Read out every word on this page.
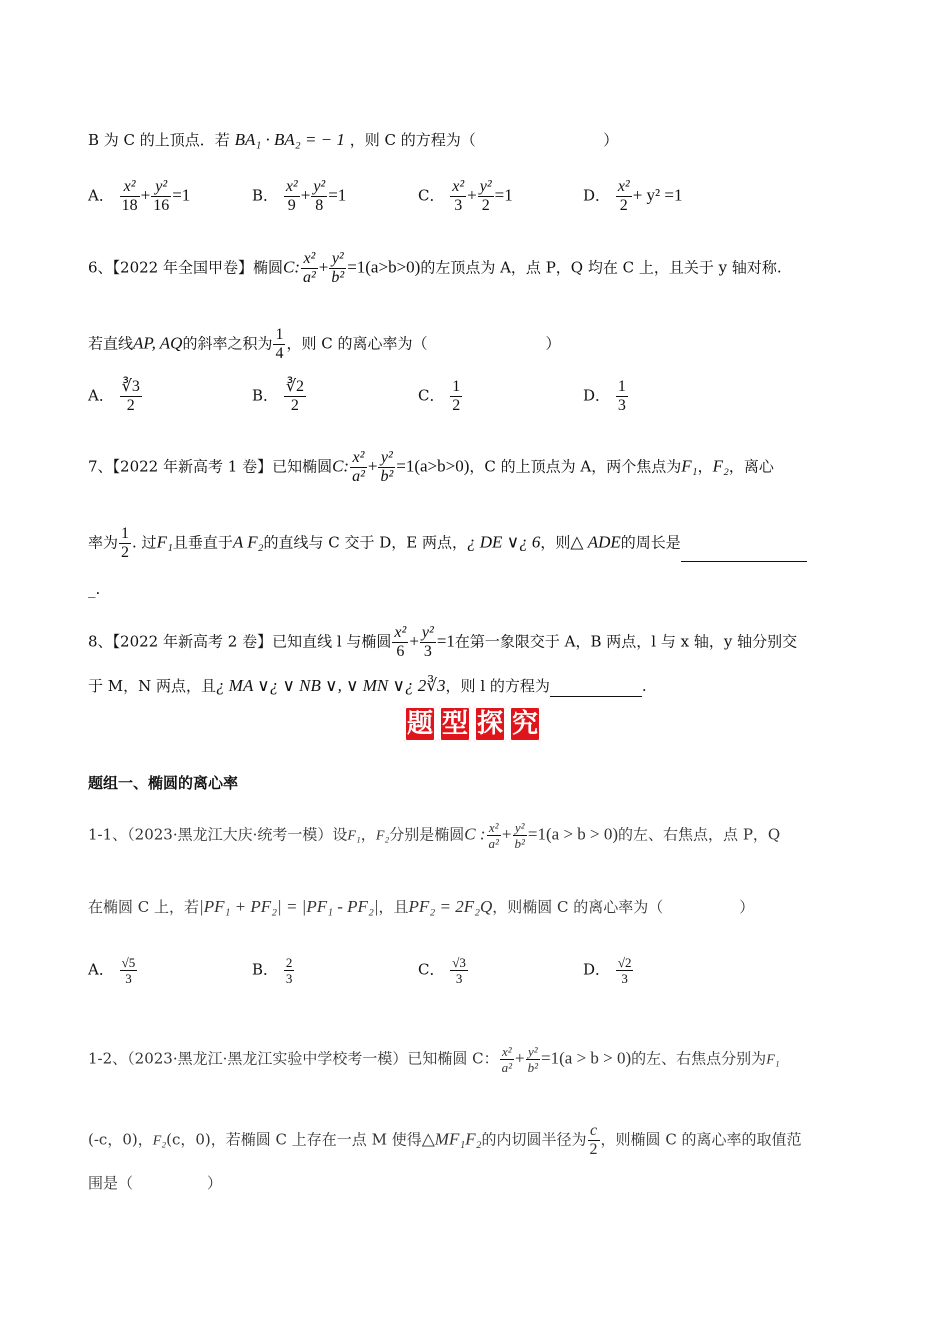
B 为 C 的上顶点．若 BA₁ · BA₂ = − 1 ，则 C 的方程为（	）
A． $\frac{\text{x²}}{18} + \frac{\text{y²}}{16} =1$	B． $\frac{\text{x²}}{9} + \frac{\text{y²}}{8} =1$	C． $\frac{\text{x²}}{3} + \frac{\text{y²}}{2} =1$	D． $\frac{\text{x²}}{2} + y^2 =1$
6、【2022 年全国甲卷】椭圆C: $\frac{\text{x²}}{\text{a²}} + \frac{\text{y²}}{\text{b²}} =1(a>b>0)$的左顶点为 A，点 P，Q 均在 C 上，且关于 y 轴对称.
若直线AP, AQ的斜率之积为 $\frac{1}{4}$ ，则 C 的离心率为（	）
A． $\frac{∛3}{2}$	B． $\frac{∛2}{2}$	C． $\frac{1}{2}$	D． $\frac{1}{3}$
7、【2022 年新高考 1 卷】已知椭圆C: $\frac{\text{x²}}{\text{a²}} + \frac{\text{y²}}{\text{b²}} =1(a>b>0)$，C 的上顶点为 A，两个焦点为F₁，F₂，离心
率为 $\frac{1}{2}$ . 过F₁且垂直于A F₂的直线与 C 交于 D，E 两点，¿ DE ∨¿ 6，则△ ADE的周长是
_.
8、【2022 年新高考 2 卷】已知直线 l 与椭圆 $\frac{\text{x²}}{6} + \frac{\text{y²}}{3} =1$在第一象限交于 A，B 两点，l 与 x 轴，y 轴分别交
于 M，N 两点，且¿ MA ∨¿ ∨ NB ∨, ∨ MN ∨¿ 2∛3，则 l 的方程为	.
题 型 探 究
题组一、椭圆的离心率
1-1、（2023·黑龙江大庆·统考一模）设F₁，F₂分别是椭圆C : $\frac{\text{x²}}{\text{a²}} + \frac{\text{y²}}{\text{b²}} =1(a > b > 0)$的左、右焦点，点 P，Q
在椭圆 C 上，若|PF₁ + PF₂| = |PF₁ - PF₂|，且PF₂ = 2F₂Q，则椭圆 C 的离心率为（	）
A． $\frac{√5}{3}$	B． $\frac{2}{3}$	C． $\frac{√3}{3}$	D． $\frac{√2}{3}$
1-2、（2023·黑龙江·黑龙江实验中学校考一模）已知椭圆 C： $\frac{\text{x²}}{\text{a²}} + \frac{\text{y²}}{\text{b²}} =1(a > b > 0)$的左、右焦点分别为F₁
(-c，0)，F₂(c，0)，若椭圆 C 上存在一点 M 使得△MF₁F₂的内切圆半径为 $\frac{c}{2}$ ，则椭圆 C 的离心率的取值范
围是（	）
